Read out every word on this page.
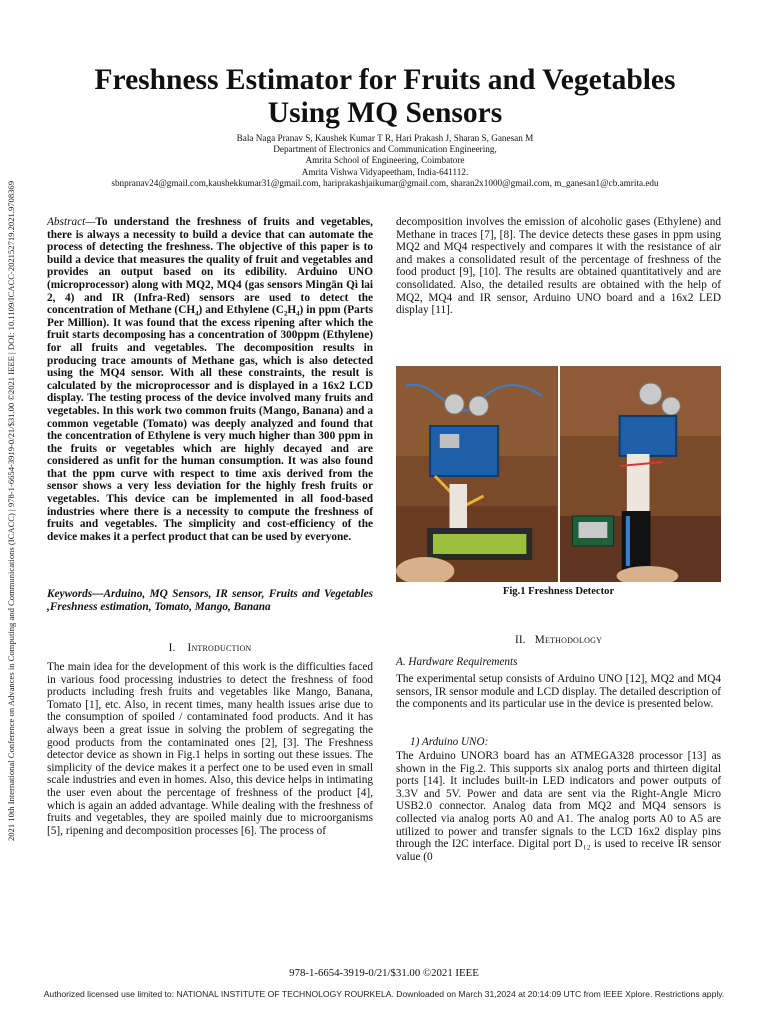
2021 10th International Conference on Advances in Computing and Communications (ICACC) | 978-1-6654-3919-0/21/$31.00 ©2021 IEEE | DOI: 10.1109/ICACC-202152719.2021.9708369
Freshness Estimator for Fruits and Vegetables
Using MQ Sensors
Bala Naga Pranav S, Kaushek Kumar T R, Hari Prakash J, Sharan S, Ganesan M
Department of Electronics and Communication Engineering,
Amrita School of Engineering, Coimbatore
Amrita Vishwa Vidyapeetham, India-641112.
sbnpranav24@gmail.com,kaushekkumar31@gmail.com, hariprakashjaikumar@gmail.com, sharan2x1000@gmail.com, m_ganesan1@cb.amrita.edu

Abstract—To understand the freshness of fruits and vegetables, there is always a necessity to build a device that can automate the process of detecting the freshness. The objective of this paper is to build a device that measures the quality of fruit and vegetables and provides an output based on its edibility. Arduino UNO (microprocessor) along with MQ2, MQ4 (gas sensors Mingān Qì lai 2, 4) and IR (Infra-Red) sensors are used to detect the concentration of Methane (CH₄) and Ethylene (C₂H₄) in ppm (Parts Per Million). It was found that the excess ripening after which the fruit starts decomposing has a concentration of 300ppm (Ethylene) for all fruits and vegetables. The decomposition results in producing trace amounts of Methane gas, which is also detected using the MQ4 sensor. With all these constraints, the result is calculated by the microprocessor and is displayed in a 16x2 LCD display. The testing process of the device involved many fruits and vegetables. In this work two common fruits (Mango, Banana) and a common vegetable (Tomato) was deeply analyzed and found that the concentration of Ethylene is very much higher than 300 ppm in the fruits or vegetables which are highly decayed and are considered as unfit for the human consumption. It was also found that the ppm curve with respect to time axis derived from the sensor shows a very less deviation for the highly fresh fruits or vegetables. This device can be implemented in all food-based industries where there is a necessity to compute the freshness of fruits and vegetables. The simplicity and cost-efficiency of the device makes it a perfect product that can be used by everyone.

Keywords—Arduino, MQ Sensors, IR sensor, Fruits and Vegetables ,Freshness estimation, Tomato, Mango, Banana

I. Introduction

The main idea for the development of this work is the difficulties faced in various food processing industries to detect the freshness of food products including fresh fruits and vegetables like Mango, Banana, Tomato [1], etc. Also, in recent times, many health issues arise due to the consumption of spoiled / contaminated food products. And it has always been a great issue in solving the problem of segregating the good products from the contaminated ones [2], [3]. The Freshness detector device as shown in Fig.1 helps in sorting out these issues. The simplicity of the device makes it a perfect one to be used even in small scale industries and even in homes. Also, this device helps in intimating the user even about the percentage of freshness of the product [4], which is again an added advantage. While dealing with the freshness of fruits and vegetables, they are spoiled mainly due to microorganisms [5], ripening and decomposition processes [6]. The process of

decomposition involves the emission of alcoholic gases (Ethylene) and Methane in traces [7], [8]. The device detects these gases in ppm using MQ2 and MQ4 respectively and compares it with the resistance of air and makes a consolidated result of the percentage of freshness of the food product [9], [10]. The results are obtained quantitatively and are consolidated. Also, the detailed results are obtained with the help of MQ2, MQ4 and IR sensor, Arduino UNO board and a 16x2 LED display [11].

Fig.1 Freshness Detector
II. Methodology
A. Hardware Requirements

The experimental setup consists of Arduino UNO [12], MQ2 and MQ4 sensors, IR sensor module and LCD display. The detailed description of the components and its particular use in the device is presented below.

1) Arduino UNO:

The Arduino UNOR3 board has an ATMEGA328 processor [13] as shown in the Fig.2. This supports six analog ports and thirteen digital ports [14]. It includes built-in LED indicators and power outputs of 3.3V and 5V. Power and data are sent via the Right-Angle Micro USB2.0 connector. Analog data from MQ2 and MQ4 sensors is collected via analog ports A0 and A1. The analog ports A0 to A5 are utilized to power and transfer signals to the LCD 16x2 display pins through the I2C interface. Digital port D₁₂ is used to receive IR sensor value (0

978-1-6654-3919-0/21/$31.00 ©2021 IEEE
Authorized licensed use limited to: NATIONAL INSTITUTE OF TECHNOLOGY ROURKELA. Downloaded on March 31,2024 at 20:14:09 UTC from IEEE Xplore. Restrictions apply.
